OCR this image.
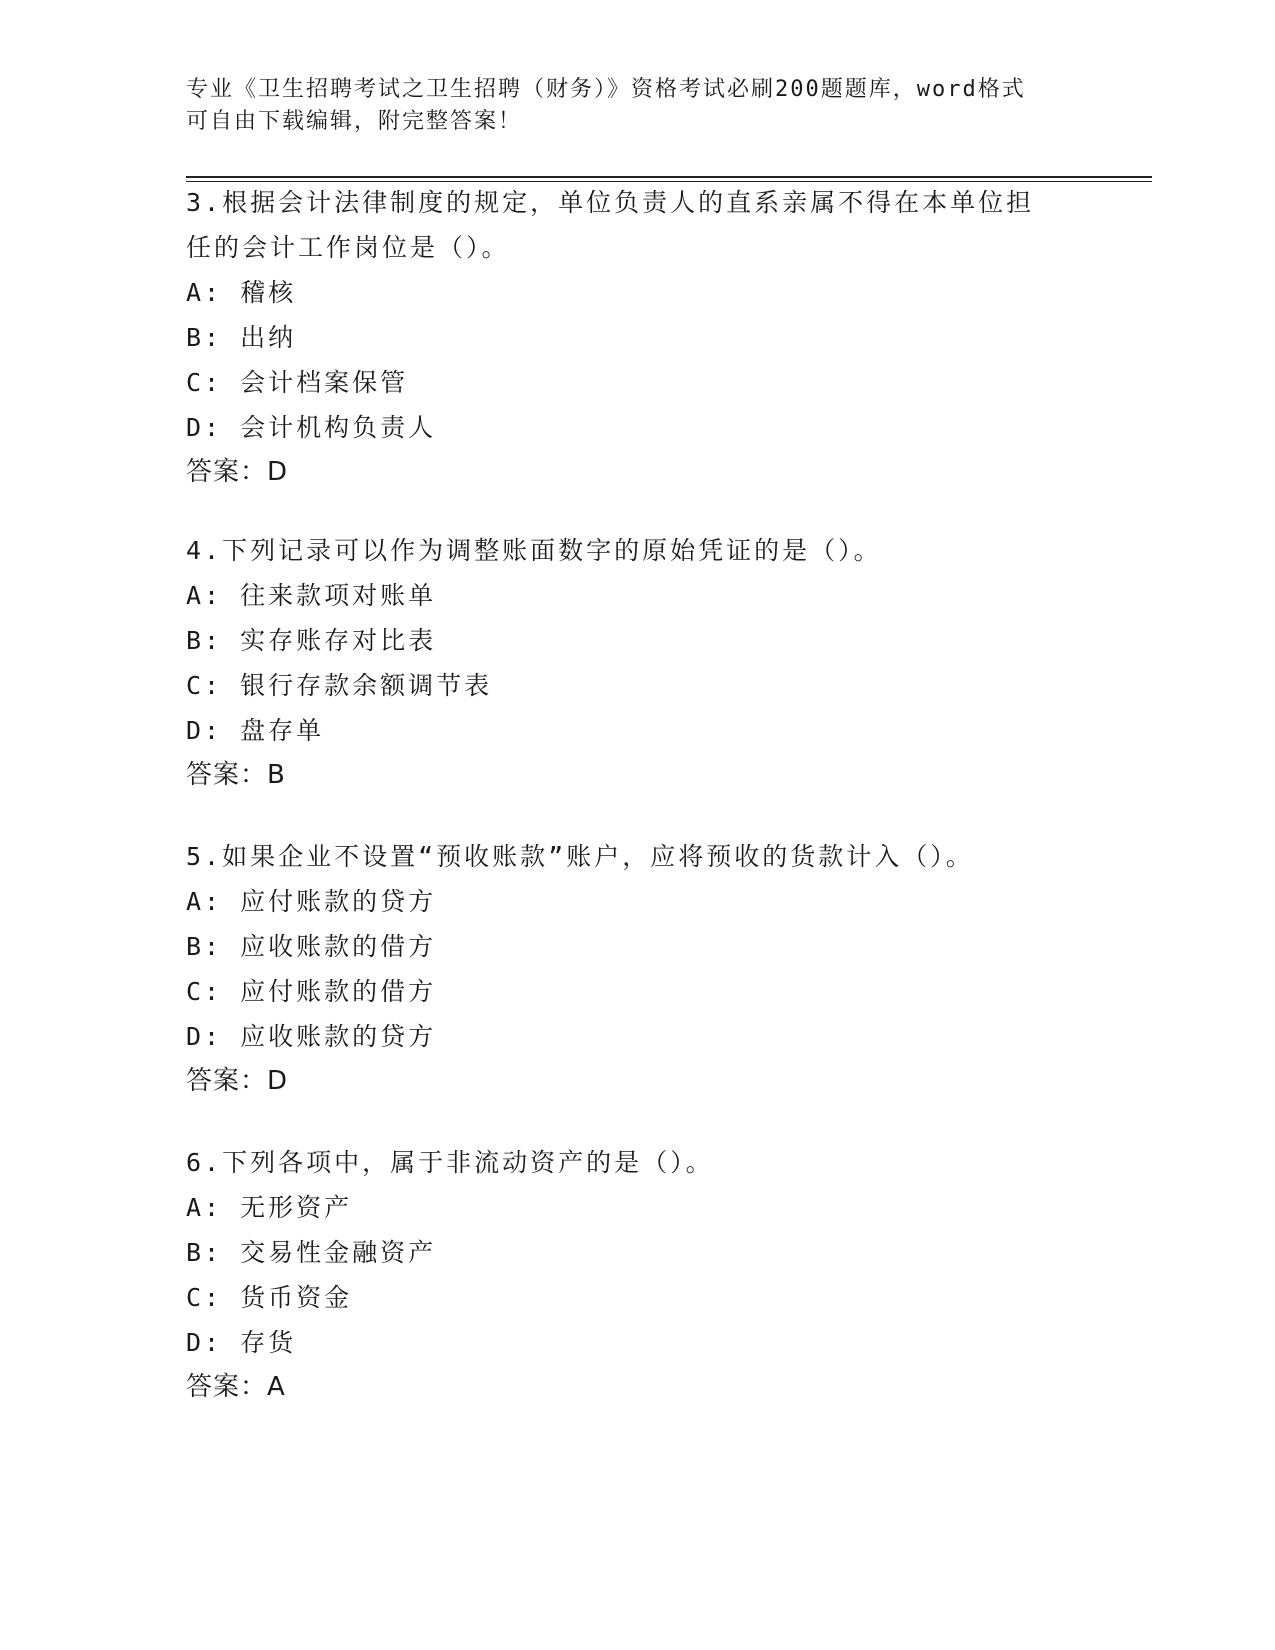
专业《卫生招聘考试之卫生招聘（财务）》资格考试必刷200题题库，word格式
可自由下载编辑，附完整答案！
3.根据会计法律制度的规定，单位负责人的直系亲属不得在本单位担
任的会计工作岗位是（）。
A: 稽核
B: 出纳
C: 会计档案保管
D: 会计机构负责人
答案：D
4.下列记录可以作为调整账面数字的原始凭证的是（）。
A: 往来款项对账单
B: 实存账存对比表
C: 银行存款余额调节表
D: 盘存单
答案：B
5.如果企业不设置“预收账款”账户，应将预收的货款计入（）。
A: 应付账款的贷方
B: 应收账款的借方
C: 应付账款的借方
D: 应收账款的贷方
答案：D
6.下列各项中，属于非流动资产的是（）。
A: 无形资产
B: 交易性金融资产
C: 货币资金
D: 存货
答案：A
